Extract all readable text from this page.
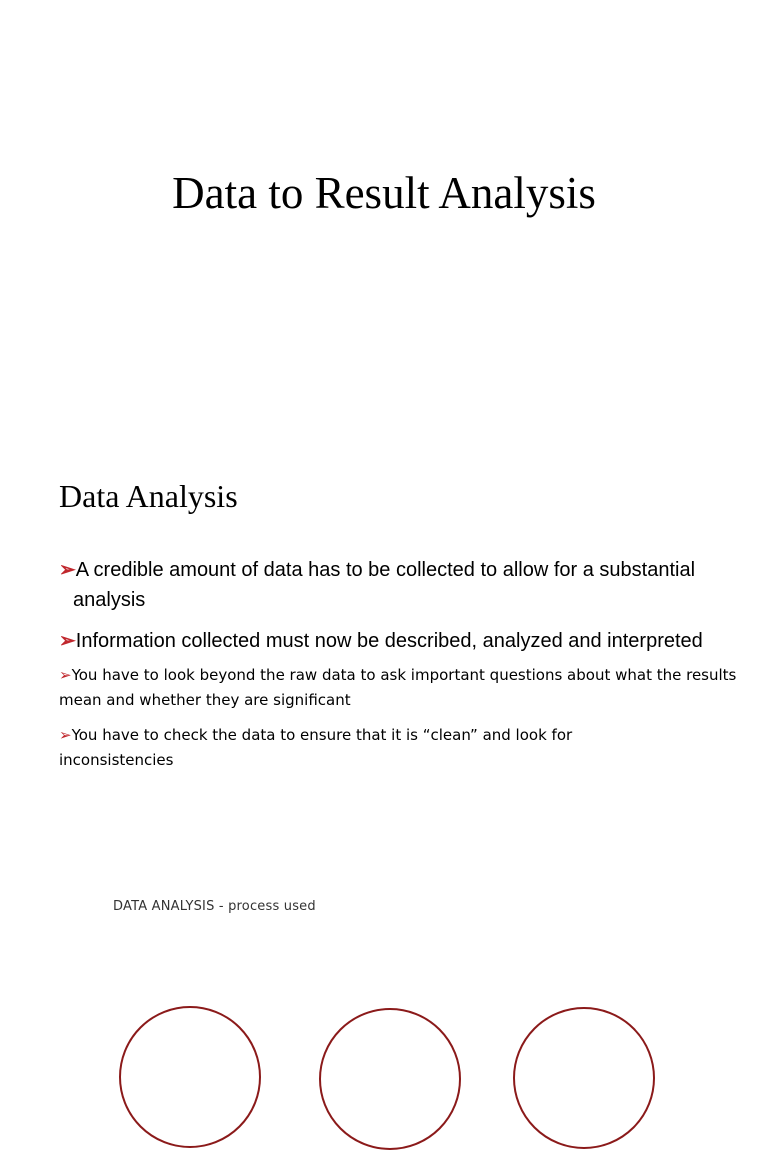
Data to Result Analysis
Data Analysis
➢A credible amount of data has to be collected to allow for a substantial analysis
➢Information collected must now be described, analyzed and interpreted
➢You have to look beyond the raw data to ask important questions about what the results mean and whether they are significant
➢You have to check the data to ensure that it is “clean” and look for inconsistencies
DATA ANALYSIS - process used
